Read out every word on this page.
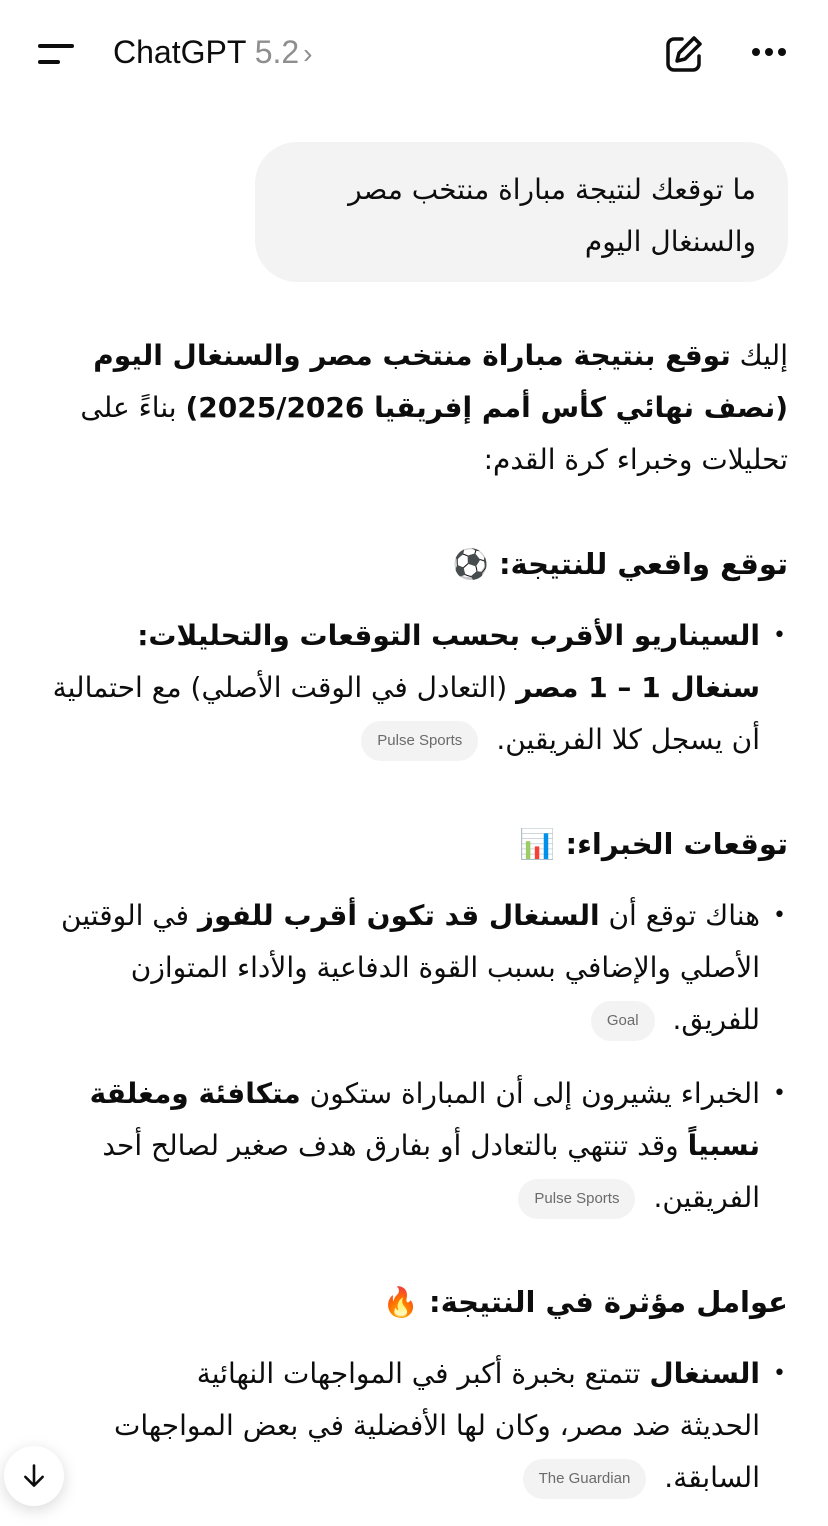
ChatGPT 5.2 ›
ما توقعك لنتيجة مباراة منتخب مصر والسنغال اليوم

إليك توقع بنتيجة مباراة منتخب مصر والسنغال اليوم (نصف نهائي كأس أمم إفريقيا 2025/2026) بناءً على تحليلات وخبراء كرة القدم:

توقع واقعي للنتيجة: ⚽
• السيناريو الأقرب بحسب التوقعات والتحليلات:
سنغال 1 – 1 مصر (التعادل في الوقت الأصلي) مع احتمالية أن يسجل كلا الفريقين.Pulse Sports
توقعات الخبراء: 📊
• هناك توقع أن السنغال قد تكون أقرب للفوز في الوقتين الأصلي والإضافي بسبب القوة الدفاعية والأداء المتوازن للفريق.Goal
• الخبراء يشيرون إلى أن المباراة ستكون متكافئة ومغلقة نسبياً وقد تنتهي بالتعادل أو بفارق هدف صغير لصالح أحد الفريقين.Pulse Sports
عوامل مؤثرة في النتيجة: 🔥
• السنغال تتمتع بخبرة أكبر في المواجهات النهائية الحديثة ضد مصر، وكان لها الأفضلية في بعض المواجهات السابقة.The Guardian
